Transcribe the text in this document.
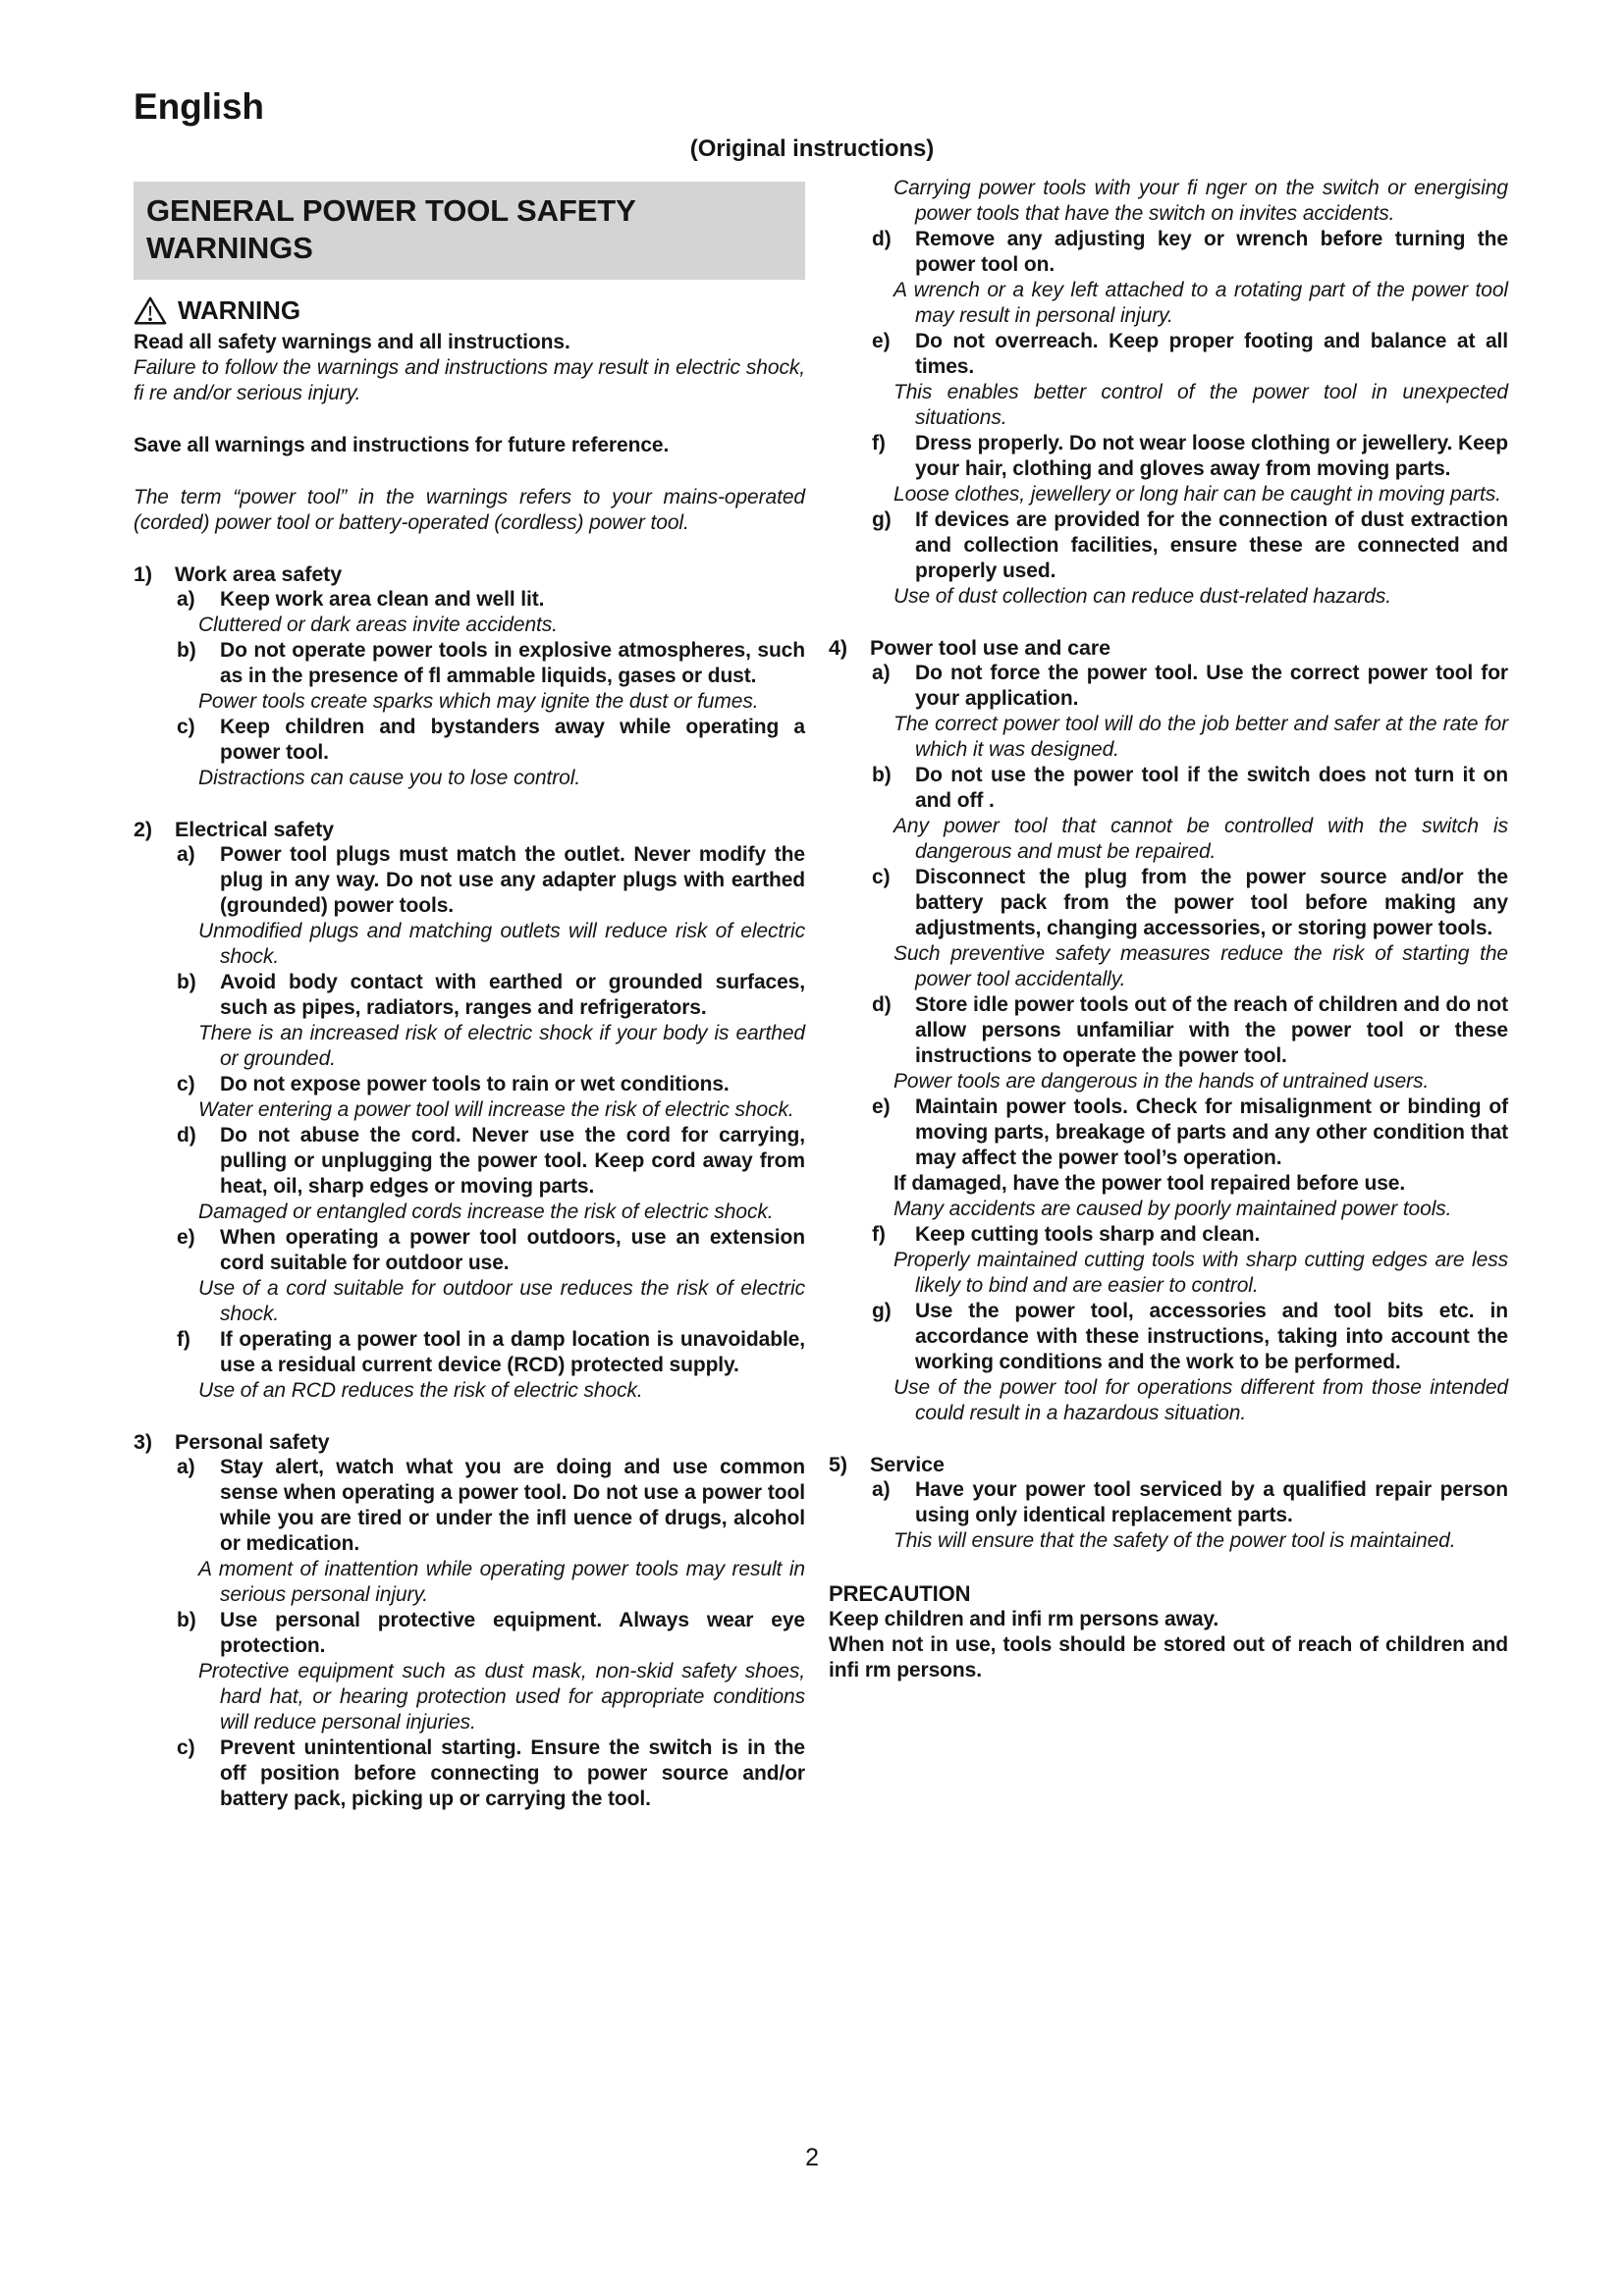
English
(Original instructions)
GENERAL POWER TOOL SAFETY WARNINGS
WARNING
Read all safety warnings and all instructions.
Failure to follow the warnings and instructions may result in electric shock, fi re and/or serious injury.
Save all warnings and instructions for future reference.
The term “power tool” in the warnings refers to your mains-operated (corded) power tool or battery-operated (cordless) power tool.
1)	Work area safety
a) Keep work area clean and well lit.
Cluttered or dark areas invite accidents.
b) Do not operate power tools in explosive atmospheres, such as in the presence of fl ammable liquids, gases or dust.
Power tools create sparks which may ignite the dust or fumes.
c) Keep children and bystanders away while operating a power tool.
Distractions can cause you to lose control.
2)	Electrical safety
a) Power tool plugs must match the outlet. Never modify the plug in any way. Do not use any adapter plugs with earthed (grounded) power tools.
Unmodified plugs and matching outlets will reduce risk of electric shock.
b) Avoid body contact with earthed or grounded surfaces, such as pipes, radiators, ranges and refrigerators.
There is an increased risk of electric shock if your body is earthed or grounded.
c) Do not expose power tools to rain or wet conditions.
Water entering a power tool will increase the risk of electric shock.
d) Do not abuse the cord. Never use the cord for carrying, pulling or unplugging the power tool. Keep cord away from heat, oil, sharp edges or moving parts.
Damaged or entangled cords increase the risk of electric shock.
e) When operating a power tool outdoors, use an extension cord suitable for outdoor use.
Use of a cord suitable for outdoor use reduces the risk of electric shock.
f) If operating a power tool in a damp location is unavoidable, use a residual current device (RCD) protected supply.
Use of an RCD reduces the risk of electric shock.
3)	Personal safety
a) Stay alert, watch what you are doing and use common sense when operating a power tool. Do not use a power tool while you are tired or under the infl uence of drugs, alcohol or medication.
A moment of inattention while operating power tools may result in serious personal injury.
b) Use personal protective equipment. Always wear eye protection.
Protective equipment such as dust mask, non-skid safety shoes, hard hat, or hearing protection used for appropriate conditions will reduce personal injuries.
c) Prevent unintentional starting. Ensure the switch is in the off position before connecting to power source and/or battery pack, picking up or carrying the tool.
Carrying power tools with your fi nger on the switch or energising power tools that have the switch on invites accidents.
d) Remove any adjusting key or wrench before turning the power tool on.
A wrench or a key left attached to a rotating part of the power tool may result in personal injury.
e) Do not overreach. Keep proper footing and balance at all times.
This enables better control of the power tool in unexpected situations.
f) Dress properly. Do not wear loose clothing or jewellery. Keep your hair, clothing and gloves away from moving parts.
Loose clothes, jewellery or long hair can be caught in moving parts.
g) If devices are provided for the connection of dust extraction and collection facilities, ensure these are connected and properly used.
Use of dust collection can reduce dust-related hazards.
4)	Power tool use and care
a) Do not force the power tool. Use the correct power tool for your application.
The correct power tool will do the job better and safer at the rate for which it was designed.
b) Do not use the power tool if the switch does not turn it on and off .
Any power tool that cannot be controlled with the switch is dangerous and must be repaired.
c) Disconnect the plug from the power source and/or the battery pack from the power tool before making any adjustments, changing accessories, or storing power tools.
Such preventive safety measures reduce the risk of starting the power tool accidentally.
d) Store idle power tools out of the reach of children and do not allow persons unfamiliar with the power tool or these instructions to operate the power tool.
Power tools are dangerous in the hands of untrained users.
e) Maintain power tools. Check for misalignment or binding of moving parts, breakage of parts and any other condition that may affect the power tool’s operation.
If damaged, have the power tool repaired before use.
Many accidents are caused by poorly maintained power tools.
f) Keep cutting tools sharp and clean.
Properly maintained cutting tools with sharp cutting edges are less likely to bind and are easier to control.
g) Use the power tool, accessories and tool bits etc. in accordance with these instructions, taking into account the working conditions and the work to be performed.
Use of the power tool for operations different from those intended could result in a hazardous situation.
5)	Service
a) Have your power tool serviced by a qualified repair person using only identical replacement parts.
This will ensure that the safety of the power tool is maintained.
PRECAUTION
Keep children and infi rm persons away.
When not in use, tools should be stored out of reach of children and infi rm persons.
2
